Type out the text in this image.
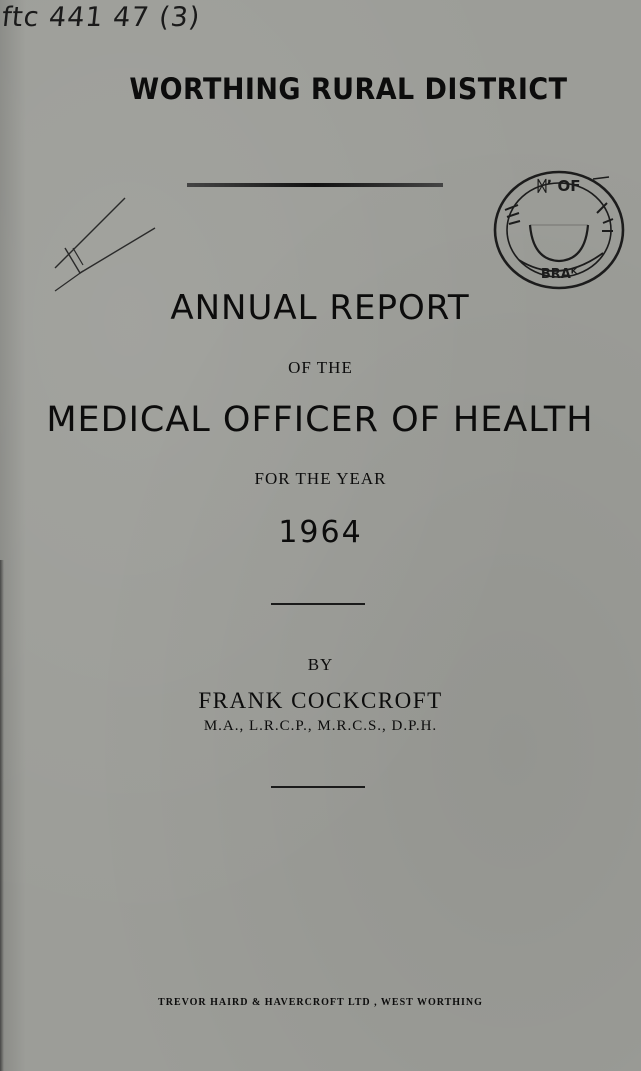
ftc 441 47 (3)
WORTHING RURAL DISTRICT
ᛞʼ OF
BRAᴷ
ANNUAL REPORT
OF THE
MEDICAL OFFICER OF HEALTH
FOR THE YEAR
1964
BY
FRANK COCKCROFT
M.A., L.R.C.P., M.R.C.S., D.P.H.
TREVOR HAIRD & HAVERCROFT LTD , WEST WORTHING
